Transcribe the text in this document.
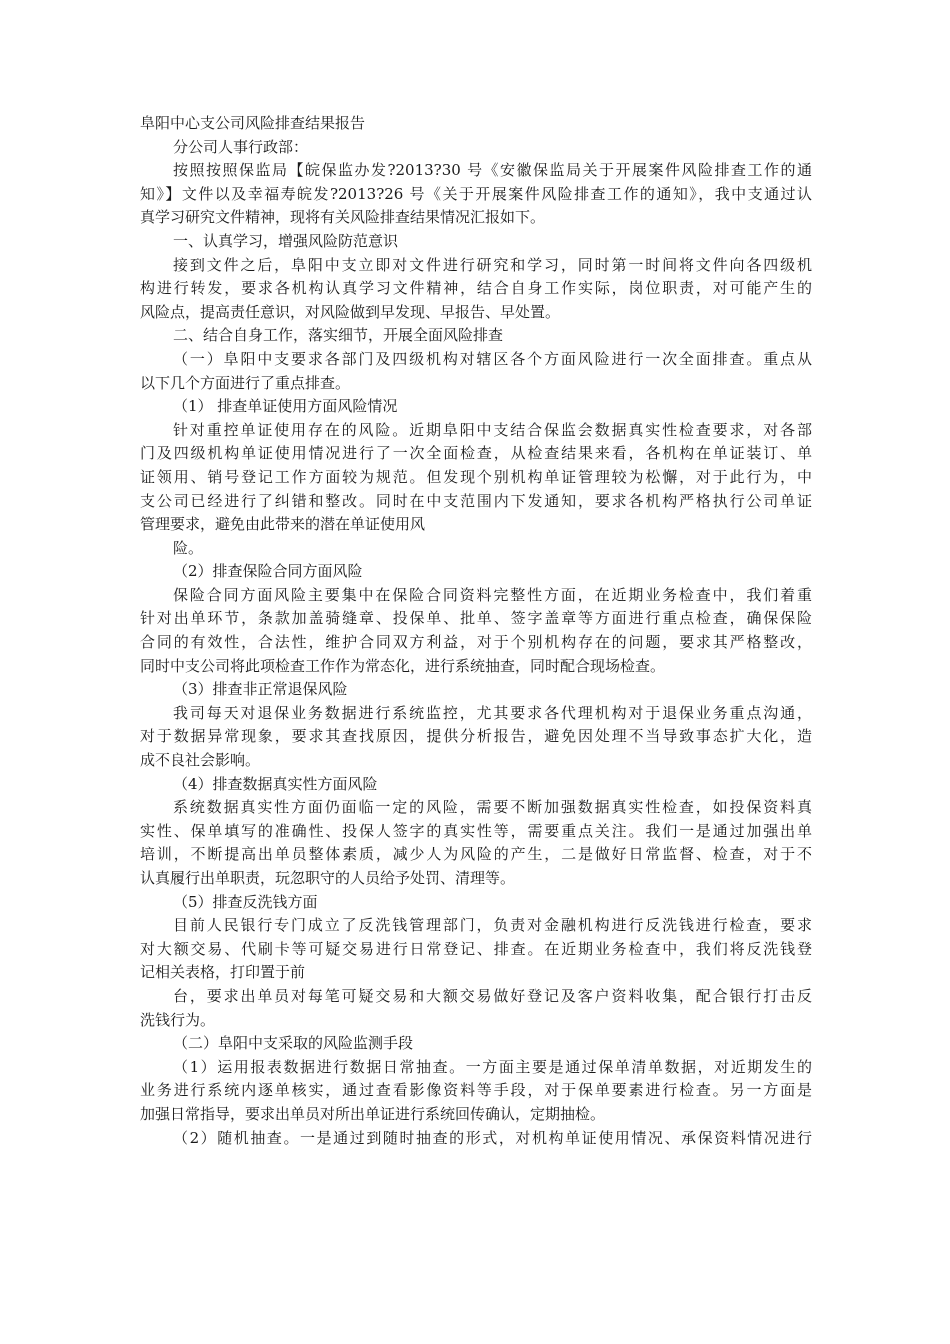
阜阳中心支公司风险排查结果报告
分公司人事行政部：
按照按照保监局【皖保监办发?2013?30 号《安徽保监局关于开展案件风险排查工作的通
知》】文件以及幸福寿皖发?2013?26 号《关于开展案件风险排查工作的通知》，我中支通过认
真学习研究文件精神，现将有关风险排查结果情况汇报如下。
一、认真学习，增强风险防范意识
接到文件之后，阜阳中支立即对文件进行研究和学习，同时第一时间将文件向各四级机
构进行转发，要求各机构认真学习文件精神，结合自身工作实际，岗位职责，对可能产生的
风险点，提高责任意识，对风险做到早发现、早报告、早处置。
二、结合自身工作，落实细节，开展全面风险排查
（一）阜阳中支要求各部门及四级机构对辖区各个方面风险进行一次全面排查。重点从
以下几个方面进行了重点排查。
（1） 排查单证使用方面风险情况
针对重控单证使用存在的风险。近期阜阳中支结合保监会数据真实性检查要求，对各部
门及四级机构单证使用情况进行了一次全面检查，从检查结果来看，各机构在单证装订、单
证领用、销号登记工作方面较为规范。但发现个别机构单证管理较为松懈，对于此行为，中
支公司已经进行了纠错和整改。同时在中支范围内下发通知，要求各机构严格执行公司单证
管理要求，避免由此带来的潜在单证使用风
险。
（2）排查保险合同方面风险
保险合同方面风险主要集中在保险合同资料完整性方面，在近期业务检查中，我们着重
针对出单环节，条款加盖骑缝章、投保单、批单、签字盖章等方面进行重点检查，确保保险
合同的有效性，合法性，维护合同双方利益，对于个别机构存在的问题，要求其严格整改，
同时中支公司将此项检查工作作为常态化，进行系统抽查，同时配合现场检查。
（3）排查非正常退保风险
我司每天对退保业务数据进行系统监控，尤其要求各代理机构对于退保业务重点沟通，
对于数据异常现象，要求其查找原因，提供分析报告，避免因处理不当导致事态扩大化，造
成不良社会影响。
（4）排查数据真实性方面风险
系统数据真实性方面仍面临一定的风险，需要不断加强数据真实性检查，如投保资料真
实性、保单填写的准确性、投保人签字的真实性等，需要重点关注。我们一是通过加强出单
培训，不断提高出单员整体素质，减少人为风险的产生，二是做好日常监督、检查，对于不
认真履行出单职责，玩忽职守的人员给予处罚、清理等。
（5）排查反洗钱方面
目前人民银行专门成立了反洗钱管理部门，负责对金融机构进行反洗钱进行检查，要求
对大额交易、代刷卡等可疑交易进行日常登记、排查。在近期业务检查中，我们将反洗钱登
记相关表格，打印置于前
台，要求出单员对每笔可疑交易和大额交易做好登记及客户资料收集，配合银行打击反
洗钱行为。
（二）阜阳中支采取的风险监测手段
（1）运用报表数据进行数据日常抽查。一方面主要是通过保单清单数据，对近期发生的
业务进行系统内逐单核实，通过查看影像资料等手段，对于保单要素进行检查。另一方面是
加强日常指导，要求出单员对所出单证进行系统回传确认，定期抽检。
（2）随机抽查。一是通过到随时抽查的形式，对机构单证使用情况、承保资料情况进行
